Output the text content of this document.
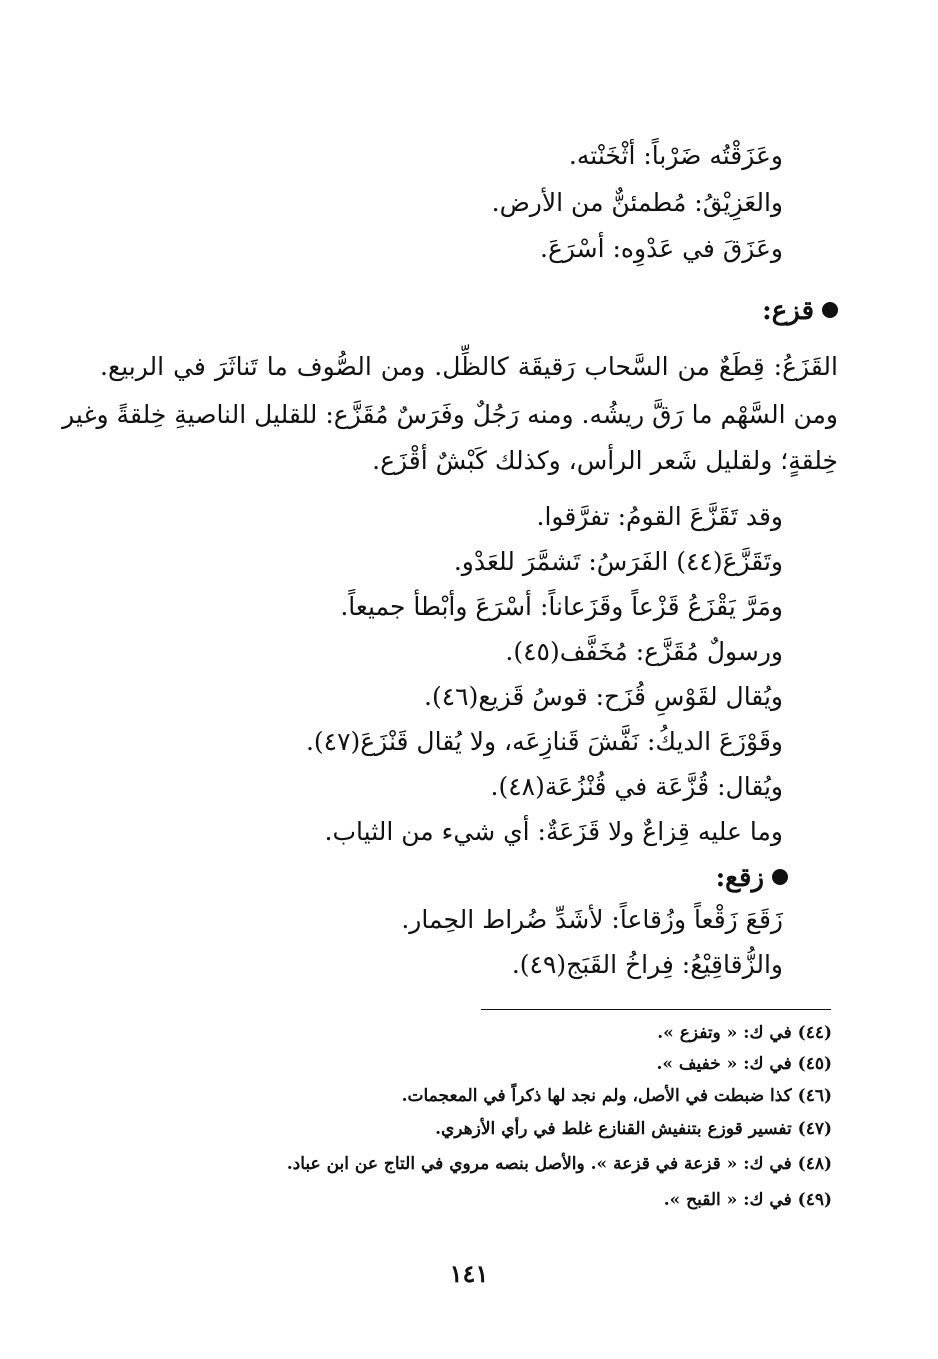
وعَزَقْتُه ضَرْباً: أثْخَنْته.
والعَزِيْقُ: مُطمئنٌّ من الأرض.
وعَزَقَ في عَدْوِه: أسْرَعَ.
قزع:
القَزَعُ: قِطَعٌ من السَّحاب رَقيقَة كالظِّل. ومن الصُّوف ما تَناثَرَ في الربيع.
ومن السَّهْم ما رَقَّ ريشُه. ومنه رَجُلٌ وفَرَسٌ مُقَزَّع: للقليل الناصيةِ خِلقةً وغير
خِلقةٍ؛ ولقليل شَعر الرأس، وكذلك كَبْشٌ أقْزَع.
وقد تَقَزَّعَ القومُ: تفرَّقوا.
وتَقَزَّعَ(٤٤) الفَرَسُ: تَشمَّرَ للعَدْو.
ومَرَّ يَقْزَعُ قَزْعاً وقَزَعاناً: أسْرَعَ وأبْطأ جميعاً.
ورسولٌ مُقَزَّع: مُخَفَّف(٤٥).
ويُقال لقَوْسِ قُزَح: قوسُ قَزيع(٤٦).
وقَوْزَعَ الديكُ: نَفَّشَ قَنازِعَه، ولا يُقال قَنْزَعَ(٤٧).
ويُقال: قُزَّعَة في قُنْزُعَة(٤٨).
وما عليه قِزاعٌ ولا قَزَعَةٌ: أي شيء من الثياب.
زقع:
زَقَعَ زَقْعاً وزُقاعاً: لأشَدِّ ضُراط الحِمار.
والزُّقاقِيْعُ: فِراخُ القَبَج(٤٩).
(٤٤) في ك: « وتفزع ».
(٤٥) في ك: « خفيف ».
(٤٦) كذا ضبطت في الأصل، ولم نجد لها ذكراً في المعجمات.
(٤٧) تفسير قوزع بتنفيش القنازع غلط في رأي الأزهري.
(٤٨) في ك: « قزعة في قزعة ». والأصل بنصه مروي في التاج عن ابن عباد.
(٤٩) في ك: « القبح ».
١٤١
